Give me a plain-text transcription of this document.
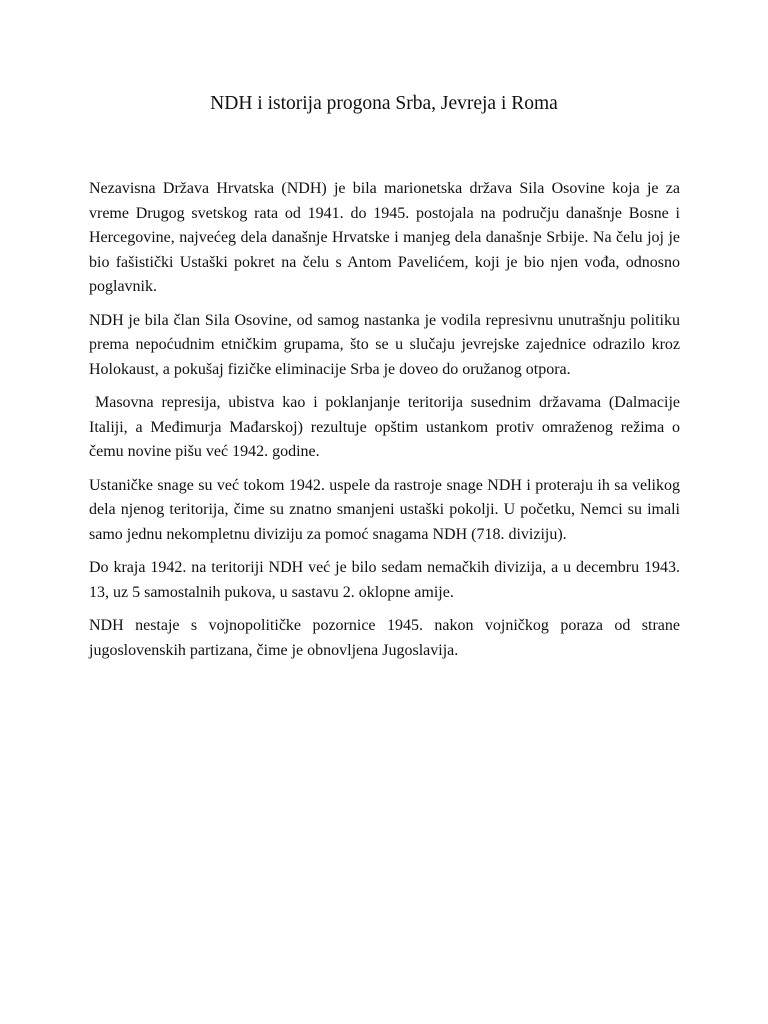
NDH i istorija progona Srba, Jevreja i Roma

Nezavisna Država Hrvatska (NDH) je bila marionetska država Sila Osovine koja je za vreme Drugog svetskog rata od 1941. do 1945. postojala na području današnje Bosne i Hercegovine, najvećeg dela današnje Hrvatske i manjeg dela današnje Srbije. Na čelu joj je bio fašistički Ustaški pokret na čelu s Antom Pavelićem, koji je bio njen vođa, odnosno poglavnik.

NDH je bila član Sila Osovine, od samog nastanka je vodila represivnu unutrašnju politiku prema nepoćudnim etničkim grupama, što se u slučaju jevrejske zajednice odrazilo kroz Holokaust, a pokušaj fizičke eliminacije Srba je doveo do oružanog otpora.

Masovna represija, ubistva kao i poklanjanje teritorija susednim državama (Dalmacije Italiji, a Međimurja Mađarskoj) rezultuje opštim ustankom protiv omraženog režima o čemu novine pišu već 1942. godine.

Ustaničke snage su već tokom 1942. uspele da rastroje snage NDH i proteraju ih sa velikog dela njenog teritorija, čime su znatno smanjeni ustaški pokolji. U početku, Nemci su imali samo jednu nekompletnu diviziju za pomoć snagama NDH (718. diviziju).

Do kraja 1942. na teritoriji NDH već je bilo sedam nemačkih divizija, a u decembru 1943. 13, uz 5 samostalnih pukova, u sastavu 2. oklopne amije.

NDH nestaje s vojnopolitičke pozornice 1945. nakon vojničkog poraza od strane jugoslovenskih partizana, čime je obnovljena Jugoslavija.
